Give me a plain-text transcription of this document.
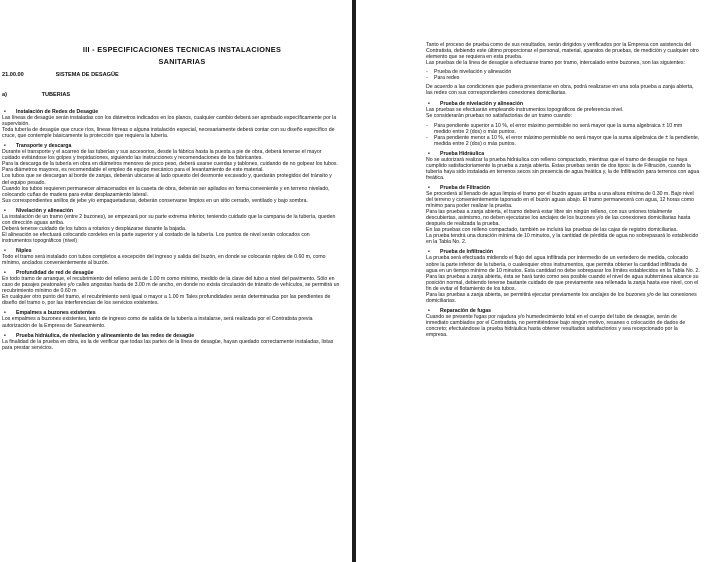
III - ESPECIFICACIONES TECNICAS INSTALACIONES
SANITARIAS
21.00.00	SISTEMA DE DESAGÜE
a)	TUBERIAS
•	Instalación de Redes de Desagüe

Las líneas de desagüe serán instaladas con los diámetros indicados en los planos, cualquier cambio deberá ser aprobado específicamente por la supervisión.

Toda tubería de desagüe que cruce ríos, líneas férreas o alguna instalación especial, necesariamente deberá contar con su diseño específico de cruce, que contemple básicamente la protección que requiera la tubería.

•	Transporte y descarga

Durante el transporte y el acarreo de las tuberías y sus accesorios, desde la fábrica hasta la puesta a pie de obra, deberá tenerse el mayor cuidado evitándose los golpes y trepidaciones, siguiendo las instrucciones y recomendaciones de los fabricantes.

Para la descarga de la tubería en obra en diámetros menores de poco peso, deberá usarse cuerdas y tablones, cuidando de no golpear los tubos. Para diámetros mayores, es recomendable el empleo de equipo mecánico para el levantamiento de este material.

Los tubos que se descargan al borde de zanjas, deberán ubicarse al lado opuesto del desmonte excavado y, quedarán protegidos del tránsito y del equipo pesado.

Cuando los tubos requieren permanecer almacenados en la caseta de obra, deberán ser apilados en forma conveniente y en terreno nivelado, colocando cuñas de madera para evitar desplazamiento lateral.

Sus correspondientes anillos de jebe y/o empaquetaduras, deberán conservarse limpios en un sitio cerrado, ventilado y bajo sombra.

•	Nivelación y alineación

La instalación de un tramo (entre 2 buzones), se empezará por su parte extrema inferior, teniendo cuidado que la campana de la tubería, queden con dirección aguas arriba.

Deberá tenerse cuidado de los tubos a rotarios y desplazarse durante la bajada.

El alineación se efectuará colocando cordeles en la parte superior y al costado de la tubería. Los puntos de nivel serán colocados con instrumentos topográficos (nivel)

•	Niples

Todo el tramo será instalado con tubos completos a excepción del ingreso y salida del buzón, en donde se colocarán niples de 0.60 m, como mínimo, anclados convenientemente al buzón.

•	Profundidad de red de desagüe

En todo tramo de arranque, el recubrimiento del relleno será de 1.00 m como mínimo, medido de la clave del tubo a nivel del pavimento. Sólo en caso de pasajes peatonales y/o calles angostas hasta de 3.00 m de ancho, en donde no exista circulación de tránsito de vehículos, se permitirá un recubrimiento mínimo de 0.60 m

En cualquier otro punto del tramo, el recubrimiento será igual o mayor a 1.00 m Tales profundidades serán determinadas por las pendientes de diseño del tramo o, por las interferencias de los servicios existentes.

•	Empalmes a buzones existentes

Los empalmes a buzones existentes, tanto de ingreso como de salida de la tubería a instalarse, será realizada por el Contratista previa autorización de la Empresa de Saneamiento.

•	Prueba hidráulica, de nivelación y alineamiento de las redes de desagüe

La finalidad de la prueba en obra, es la de verificar que todas las partes de la línea de desagüe, hayan quedado correctamente instaladas, listas para prestar servicios.

Tanto el proceso de prueba como de sus resultados, serán dirigidos y verificados por la Empresa con asistencia del Contratista, debiendo este último proporcionar el personal, material, aparatos de pruebas, de medición y cualquier otro elemento que se requiera en esta prueba.

Las pruebas de la línea de desagüe a efectuarse tramo por tramo, intercalado entre buzones, son las siguientes:

-	Prueba de nivelación y alineación
-	Para redes

De acuerdo a las condiciones que pudiera presentarse en obra, podrá realizarse en una sola prueba a zanja abierta, las redes con sus correspondientes conexiones domiciliarias.

•	Prueba de nivelación y alineación

Las pruebas se efectuarán empleando instrumentos topográficos de preferencia nivel.

Se considerarán pruebas no satisfactorias de un tramo cuando:

-	Para pendiente superior a 10 %, el error máximo permisible no será mayor que la suma algebraica ± 10 mm medido entre 2 (dos) o más puntos.
-	Para pendiente menor a 10 %, el error máximo permisible no será mayor que la suma algebraica de ± la pendiente, medida entre 2 (dos) o más puntos.
•	Prueba Hidráulica

No se autorizará realizar la prueba hidráulica con relleno compactado, mientras que el tramo de desagüe no haya cumplido satisfactoriamente la prueba a zanja abierta. Estas pruebas serán de dos tipos: la de Filtración, cuando la tubería haya sido instalada en terrenos secos sin presencia de agua freática y, la de Infiltración para terrenos con agua freática.

•	Prueba de Filtración

Se procederá al llenado de agua limpia el tramo por el buzón aguas arriba a una altura mínima de 0.30 m. Bajo nivel del terreno y convenientemente taponado en el buzón aguas abajo. El tramo permanecerá con agua, 12 horas como mínimo para poder realizar la prueba.

Para las pruebas a zanja abierta, el tramo deberá estar libre sin ningún relleno, con sus uniones totalmente descubiertas, asimismo, no deben ejecutarse los anclajes de los buzones y/o de las conexiones domiciliarias hasta después de realizada la prueba.

En las pruebas con relleno compactado, también se incluirá las pruebas de las cajas de registro domiciliarias.

La prueba tendrá una duración mínima de 10 minutos, y la cantidad de pérdida de agua no sobrepasará lo establecido en la Tabla No. 2.

•	Prueba de Infiltración

La prueba será efectuada midiendo el flujo del agua infiltrada por intermedio de un vertedero de medida, colocado sobre la parte inferior de la tubería, o cualesquier otros instrumentos, que permita obtener la cantidad infiltrada de agua en un tiempo mínimo de 10 minutos. Esta cantidad no debe sobrepasar los límites establecidos en la Tabla No. 2.

Para las pruebas a zanja abierta, ésta se hará tanto como sea posible cuando el nivel de agua subterránea alcance su posición normal, debiendo tenerse bastante cuidado de que previamente sea rellenada la zanja hasta ese nivel, con el fin de evitar el flotamiento de los tubos.

Para las pruebas a zanja abierta, se permitirá ejecutar previamente los anclajes de los buzones y/o de las conexiones domiciliarias.

•	Reparación de fugas

Cuando se presente fugas por rajadura y/o humedecimiento total en el cuerpo del tubo de desagüe, serán de inmediato cambiados por el Contratista, no permitiéndose bajo ningún motivo, resanes o colocación de dados de concreto; efectuándose la prueba hidráulica hasta obtener resultados satisfactorios y sea recepcionado por la empresa.
